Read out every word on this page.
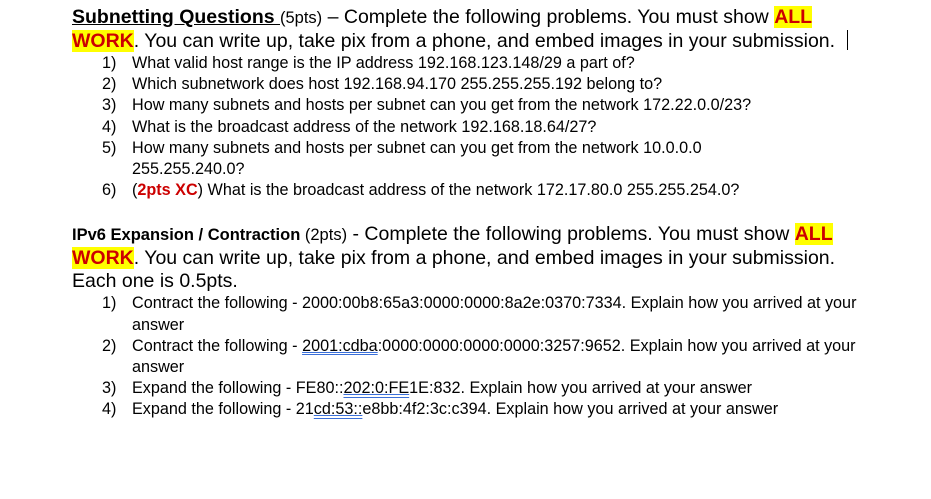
Subnetting Questions (5pts) – Complete the following problems. You must show ALL
WORK. You can write up, take pix from a phone, and embed images in your submission.
1) What valid host range is the IP address 192.168.123.148/29 a part of?
2) Which subnetwork does host 192.168.94.170 255.255.255.192 belong to?
3) How many subnets and hosts per subnet can you get from the network 172.22.0.0/23?
4) What is the broadcast address of the network 192.168.18.64/27?
5) How many subnets and hosts per subnet can you get from the network 10.0.0.0 255.255.240.0?
6) (2pts XC) What is the broadcast address of the network 172.17.80.0 255.255.254.0?
IPv6 Expansion / Contraction (2pts) - Complete the following problems. You must show ALL
WORK. You can write up, take pix from a phone, and embed images in your submission.
Each one is 0.5pts.
1) Contract the following - 2000:00b8:65a3:0000:0000:8a2e:0370:7334. Explain how you arrived at your answer
2) Contract the following - 2001:cdba:0000:0000:0000:0000:3257:9652. Explain how you arrived at your answer
3) Expand the following - FE80::202:0:FE1E:832. Explain how you arrived at your answer
4) Expand the following - 21cd:53::e8bb:4f2:3c:c394. Explain how you arrived at your answer
